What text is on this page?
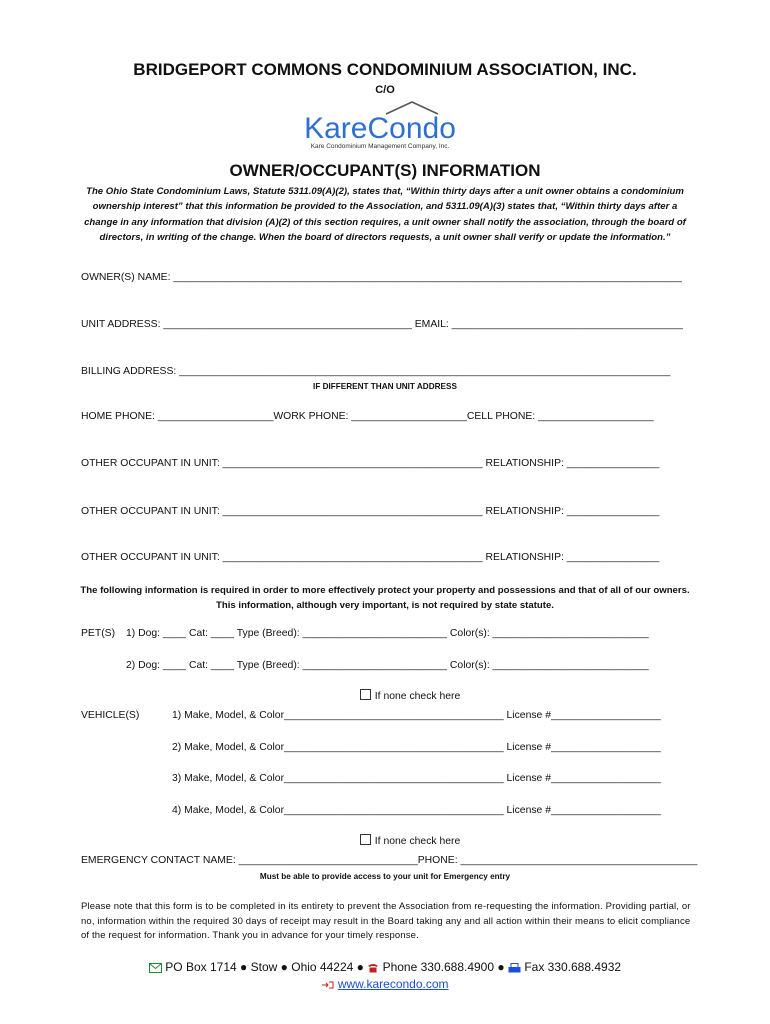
BRIDGEPORT COMMONS CONDOMINIUM ASSOCIATION, INC.
C/O
KareCondo
Kare Condominium Management Company, Inc.
OWNER/OCCUPANT(S) INFORMATION
The Ohio State Condominium Laws, Statute 5311.09(A)(2), states that, “Within thirty days after a unit owner obtains a condominium ownership interest” that this information be provided to the Association, and 5311.09(A)(3) states that, “Within thirty days after a change in any information that division (A)(2) of this section requires, a unit owner shall notify the association, through the board of directors, in writing of the change. When the board of directors requests, a unit owner shall verify or update the information.”
OWNER(S) NAME: ________________________________________________________________________________________
UNIT ADDRESS: ___________________________________________ EMAIL: ________________________________________
BILLING ADDRESS: _____________________________________________________________________________________
IF DIFFERENT THAN UNIT ADDRESS
HOME PHONE: ____________________WORK PHONE: ____________________CELL PHONE: ____________________
OTHER OCCUPANT IN UNIT: _____________________________________________ RELATIONSHIP: ________________
OTHER OCCUPANT IN UNIT: _____________________________________________ RELATIONSHIP: ________________
OTHER OCCUPANT IN UNIT: _____________________________________________ RELATIONSHIP: ________________
The following information is required in order to more effectively protect your property and possessions and that of all of our owners. This information, although very important, is not required by state statute.
PET(S) 1) Dog: ____ Cat: ____ Type (Breed): _________________________ Color(s): ___________________________
2) Dog: ____ Cat: ____ Type (Breed): _________________________ Color(s): ___________________________

If none check here

VEHICLE(S)	1) Make, Model, & Color______________________________________ License #___________________
2) Make, Model, & Color______________________________________ License #___________________
3) Make, Model, & Color______________________________________ License #___________________
4) Make, Model, & Color______________________________________ License #___________________

If none check here

EMERGENCY CONTACT NAME: _______________________________PHONE: _________________________________________
Must be able to provide access to your unit for Emergency entry
Please note that this form is to be completed in its entirety to prevent the Association from re-requesting the information. Providing partial, or no, information within the required 30 days of receipt may result in the Board taking any and all action within their means to elicit compliance of the request for information. Thank you in advance for your timely response.
PO Box 1714 ● Stow ● Ohio 44224 ● Phone 330.688.4900 ● Fax 330.688.4932
www.karecondo.com
